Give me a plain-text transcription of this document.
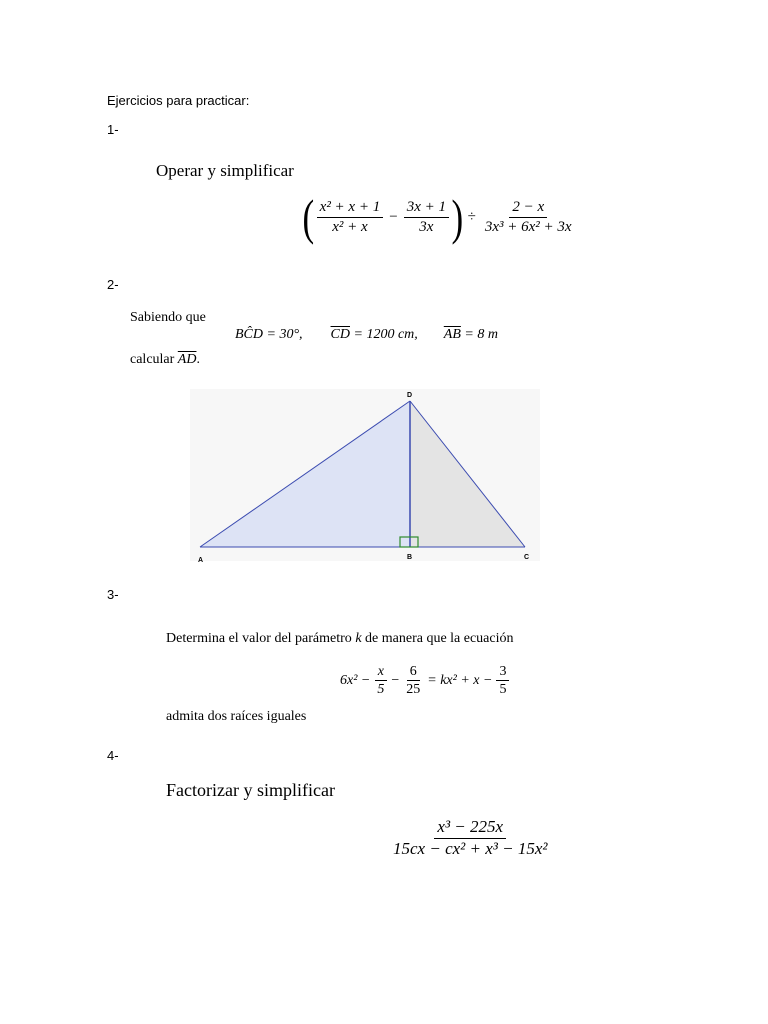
Ejercicios para practicar:
1-
Operar y simplificar
( $\frac{\text{x² + x + 1}}{\text{x² + x}} - \frac{3x + 1}{3x}$ ) ÷ $\frac{2 - x}{\text{3x³ + 6x² + 3x}}$
2-
Sabiendo que
BĈD = 30°, $\overline{CD} = 1200$ cm, $\overline{AB} = 8$ m
calcular $\overline{AD}$.
D
A	B	C
3-
Determina el valor del parámetro k de manera que la ecuación
$6x^2 - \frac{x}{5} - \frac{6}{25} = kx^2 + x - \frac{3}{5}$
admita dos raíces iguales
4-
Factorizar y simplificar
$\frac{\text{x³ − 225x}}{\text{15cx − cx² + x³ − 15x²}}$
